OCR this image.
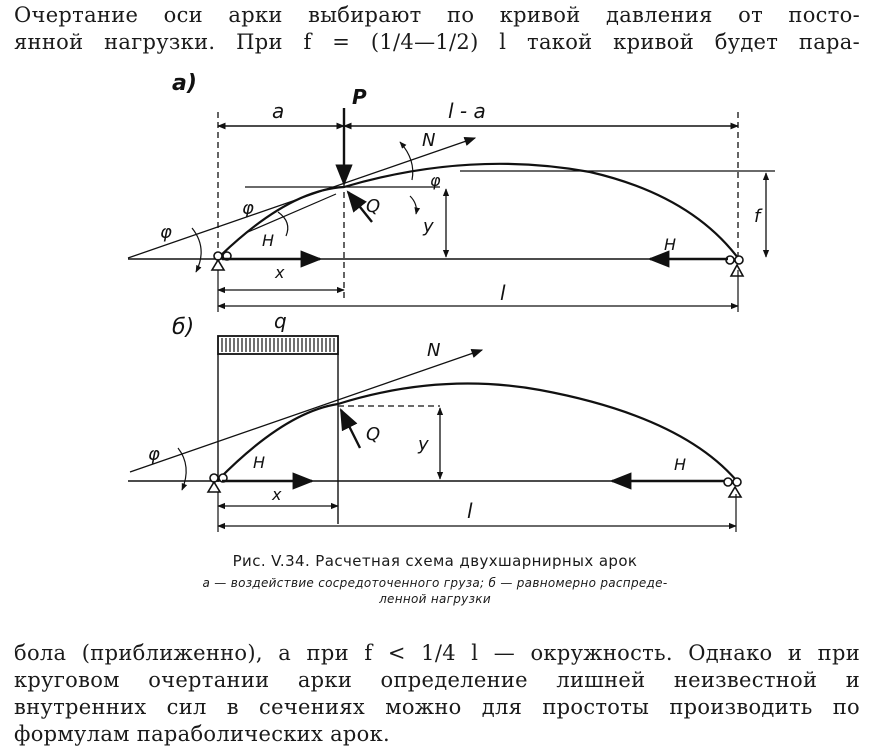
Очертание оси арки выбирают по кривой давления от посто-
янной нагрузки. При f = (1/4—1/2) l такой кривой будет пара-
а)
a	l - a
P
N
y	f
Q
H
φ
φ
φ
x
H
l
б)	q
N
y
Q
φ	H	H
x
l
Рис. V.34. Расчетная схема двухшарнирных арок
а — воздействие сосредоточенного груза; б — равномерно распреде-
ленной нагрузки
бола (приближенно), а при f < 1/4 l — окружность. Однако и при
круговом очертании арки определение лишней неизвестной и
внутренних сил в сечениях можно для простоты производить по
формулам параболических арок.
